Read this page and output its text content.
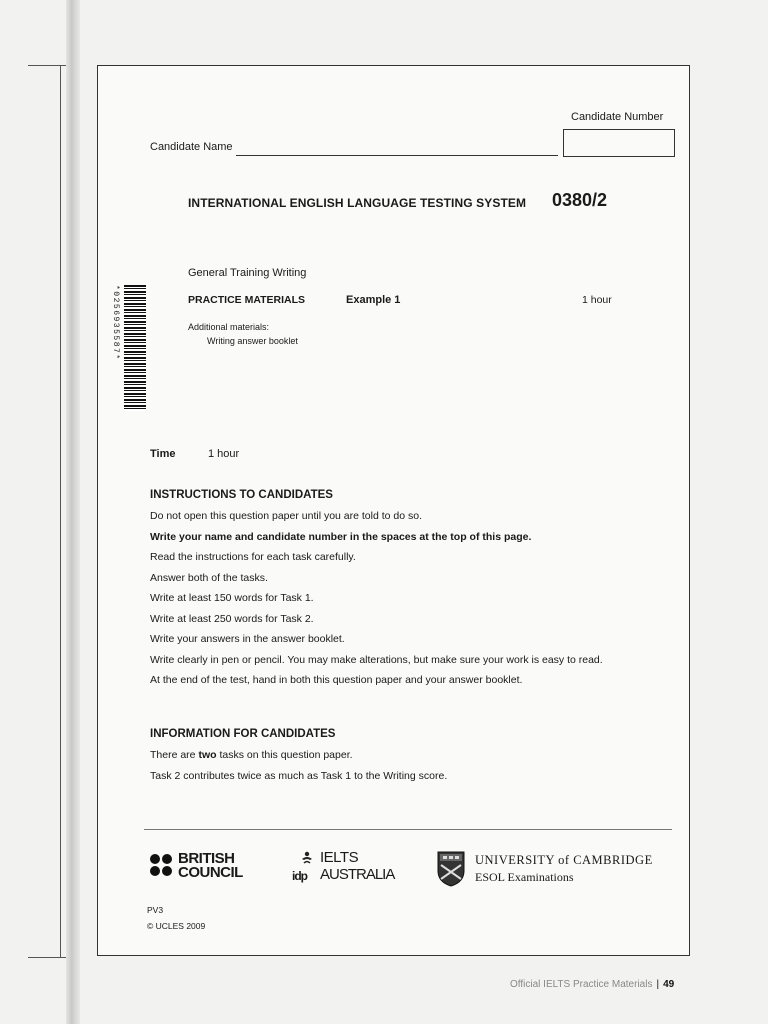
Candidate Number
Candidate Name
INTERNATIONAL ENGLISH LANGUAGE TESTING SYSTEM 0380/2
*0256935587*
General Training Writing
PRACTICE MATERIALS	Example 1	1 hour
Additional materials:
Writing answer booklet
Time	1 hour
INSTRUCTIONS TO CANDIDATES
Do not open this question paper until you are told to do so.
Write your name and candidate number in the spaces at the top of this page.
Read the instructions for each task carefully.
Answer both of the tasks.
Write at least 150 words for Task 1.
Write at least 250 words for Task 2.
Write your answers in the answer booklet.
Write clearly in pen or pencil. You may make alterations, but make sure your work is easy to read.
At the end of the test, hand in both this question paper and your answer booklet.
INFORMATION FOR CANDIDATES
There are two tasks on this question paper.
Task 2 contributes twice as much as Task 1 to the Writing score.
BRITISH
COUNCIL	idp
IELTS
AUSTRALIA
UNIVERSITY of CAMBRIDGE
ESOL Examinations
PV3
© UCLES 2009
Official IELTS Practice Materials | 49
